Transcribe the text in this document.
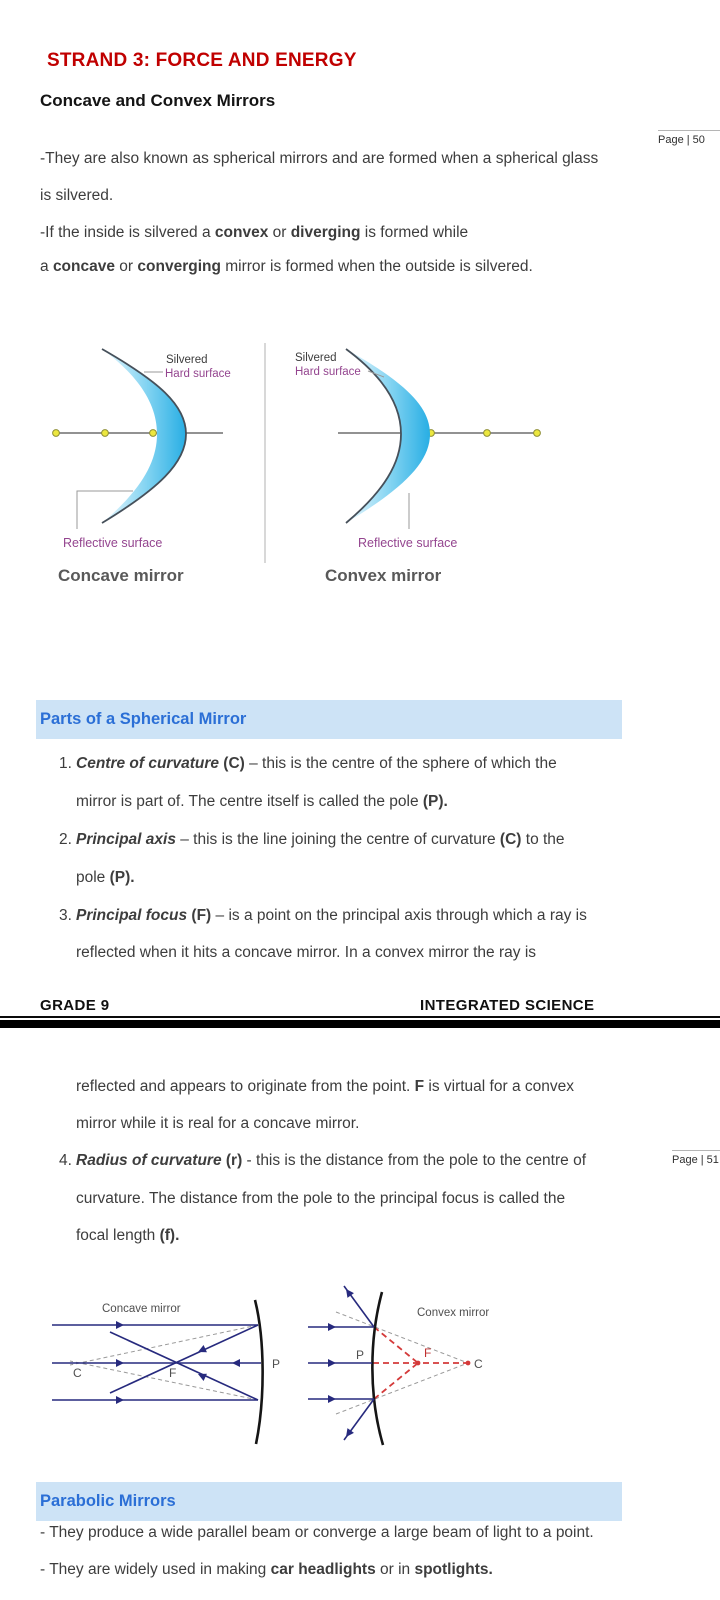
STRAND 3: FORCE AND ENERGY
Concave and Convex Mirrors
Page | 50
-They are also known as spherical mirrors and are formed when a spherical glass
is silvered.
-If the inside is silvered a convex or diverging is formed while
a concave or converging mirror is formed when the outside is silvered.
Silvered
Hard surface
Reflective surface
Silvered
Hard surface
Reflective surface
Concave mirror	Convex mirror
Parts of a Spherical Mirror
1. Centre of curvature (C) – this is the centre of the sphere of which the
mirror is part of. The centre itself is called the pole (P).
2. Principal axis – this is the line joining the centre of curvature (C) to the
pole (P).
3. Principal focus (F) – is a point on the principal axis through which a ray is
reflected when it hits a concave mirror. In a convex mirror the ray is
GRADE 9	INTEGRATED SCIENCE
reflected and appears to originate from the point. F is virtual for a convex
mirror while it is real for a concave mirror.
4. Radius of curvature (r) - this is the distance from the pole to the centre of	Page | 51
curvature. The distance from the pole to the principal focus is called the
focal length (f).
Concave mirror
C	F
P
Convex mirror
P	F
C
Parabolic Mirrors
- They produce a wide parallel beam or converge a large beam of light to a point.
- They are widely used in making car headlights or in spotlights.
